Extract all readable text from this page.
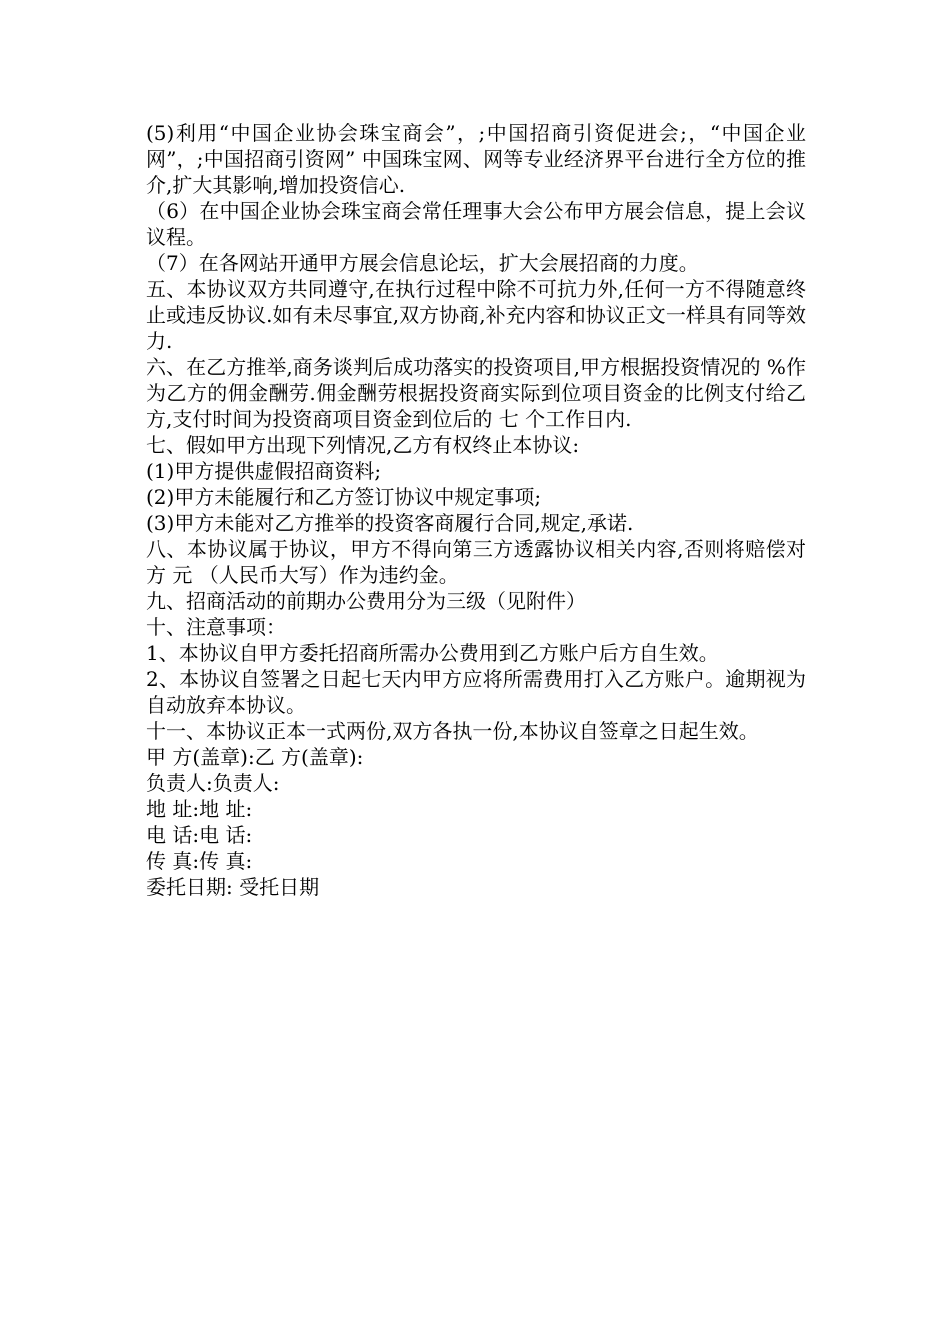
(5)利用“中国企业协会珠宝商会”，;中国招商引资促进会;，“中国企业网”，;中国招商引资网” 中国珠宝网、网等专业经济界平台进行全方位的推介,扩大其影响,增加投资信心.

（6）在中国企业协会珠宝商会常任理事大会公布甲方展会信息，提上会议议程。

（7）在各网站开通甲方展会信息论坛，扩大会展招商的力度。

五、本协议双方共同遵守,在执行过程中除不可抗力外,任何一方不得随意终止或违反协议.如有未尽事宜,双方协商,补充内容和协议正文一样具有同等效力.

六、在乙方推举,商务谈判后成功落实的投资项目,甲方根据投资情况的 %作为乙方的佣金酬劳.佣金酬劳根据投资商实际到位项目资金的比例支付给乙方,支付时间为投资商项目资金到位后的 七 个工作日内.

七、假如甲方出现下列情况,乙方有权终止本协议:

(1)甲方提供虚假招商资料;

(2)甲方未能履行和乙方签订协议中规定事项;

(3)甲方未能对乙方推举的投资客商履行合同,规定,承诺.

八、本协议属于协议，甲方不得向第三方透露协议相关内容,否则将赔偿对方 元 （人民币大写）作为违约金。

九、招商活动的前期办公费用分为三级（见附件）

十、注意事项：

1、本协议自甲方委托招商所需办公费用到乙方账户后方自生效。

2、本协议自签署之日起七天内甲方应将所需费用打入乙方账户。逾期视为自动放弃本协议。

十一、本协议正本一式两份,双方各执一份,本协议自签章之日起生效。

甲 方(盖章):乙 方(盖章):

负责人:负责人:

地 址:地 址:

电 话:电 话:

传 真:传 真:

委托日期: 受托日期
